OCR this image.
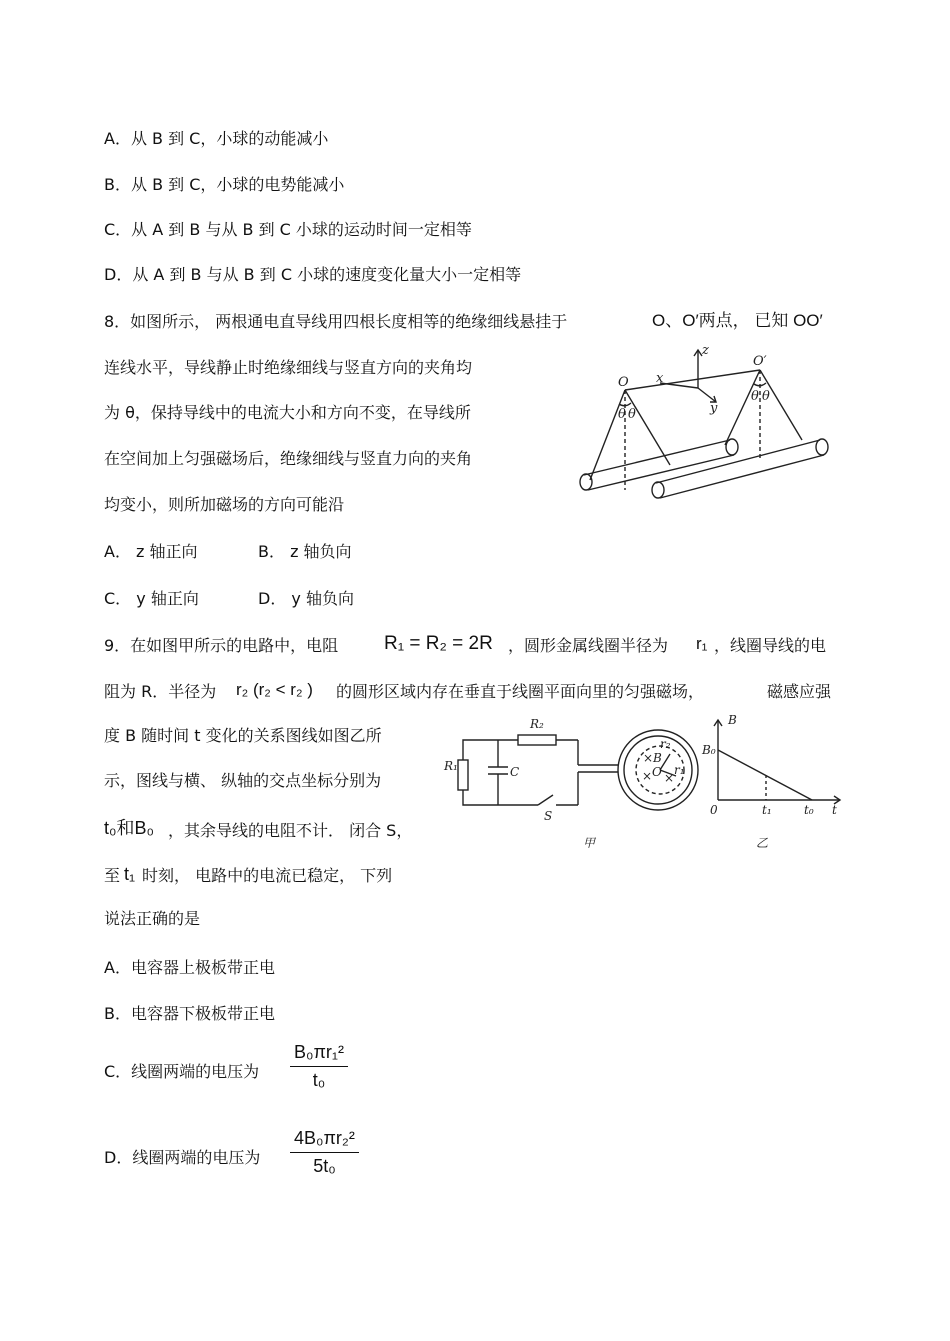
A．从 B 到 C，小球的动能减小
B．从 B 到 C，小球的电势能减小
C．从 A 到 B 与从 B 到 C 小球的运动时间一定相等
D．从 A 到 B 与从 B 到 C 小球的速度变化量大小一定相等
8．如图所示， 两根通电直导线用四根长度相等的绝缘细线悬挂于	O、O′两点， 已知 OO′
连线水平，导线静止时绝缘细线与竖直方向的夹角均
为 θ，保持导线中的电流大小和方向不变，在导线所
在空间加上匀强磁场后，绝缘细线与竖直力向的夹角
均变小，则所加磁场的方向可能沿
A． z 轴正向	B． z 轴负向
C． y 轴正向	D． y 轴负向
O
O′
θ θ
θ θ
x
y
z
9．在如图甲所示的电路中，电阻 R₁ = R₂ = 2R ，圆形金属线圈半径为 r₁ ，线圈导线的电
阻为 R．半径为 r₂ (r₂ < r₂ ) 的圆形区域内存在垂直于线圈平面向里的匀强磁场，	磁感应强
度 B 随时间 t 变化的关系图线如图乙所
示，图线与横、 纵轴的交点坐标分别为
t₀和B₀ ，其余导线的电阻不计． 闭合 S，
至 t₁ 时刻， 电路中的电流已稳定， 下列
说法正确的是
A．电容器上极板带正电
B．电容器下极板带正电
C．线圈两端的电压为 $\frac{\text{B₀πr₁²}}{\text{t₀}}$
D．线圈两端的电压为 $\frac{\text{4B₀πr₂²}}{\text{5t₀}}$
R₁
R₂
C
S
×B
O r₁
r₂
× ×
甲
B
B₀
0	t₁	t₀ t
乙
